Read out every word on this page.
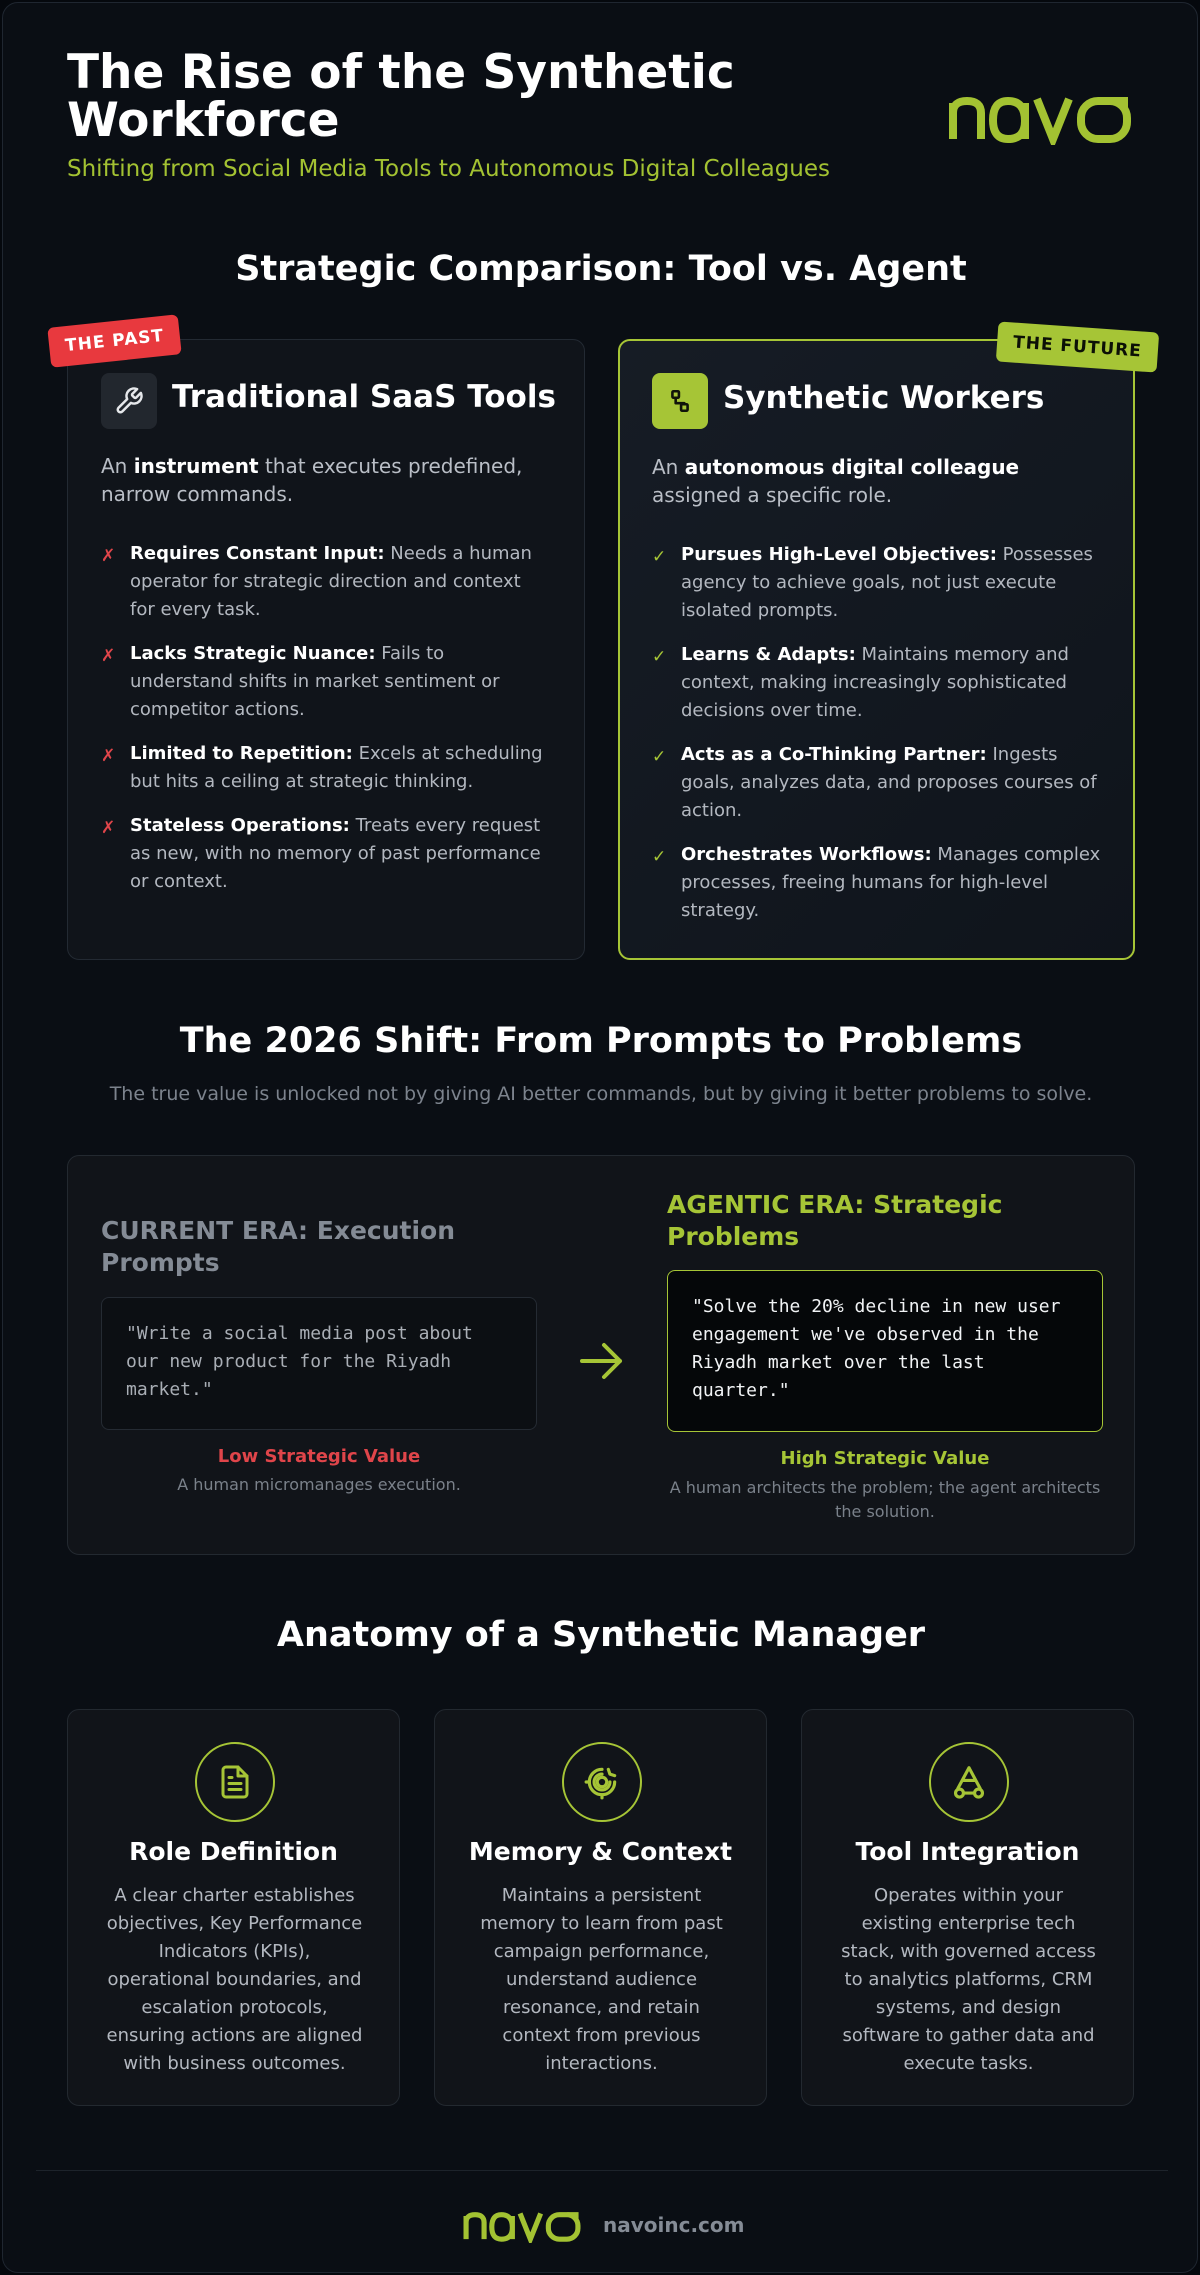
The Rise of the Synthetic Workforce
Shifting from Social Media Tools to Autonomous Digital Colleagues
Strategic Comparison: Tool vs. Agent
Traditional SaaS Tools
An instrument that executes predefined, narrow commands.
✗ Requires Constant Input: Needs a human operator for strategic direction and context for every task.
✗ Lacks Strategic Nuance: Fails to understand shifts in market sentiment or competitor actions.
✗ Limited to Repetition: Excels at scheduling but hits a ceiling at strategic thinking.
✗ Stateless Operations: Treats every request as new, with no memory of past performance or context.
THE PAST
Synthetic Workers
An autonomous digital colleague assigned a specific role.
✓ Pursues High-Level Objectives: Possesses agency to achieve goals, not just execute isolated prompts.
✓ Learns & Adapts: Maintains memory and context, making increasingly sophisticated decisions over time.
✓ Acts as a Co-Thinking Partner: Ingests goals, analyzes data, and proposes courses of action.
✓ Orchestrates Workflows: Manages complex processes, freeing humans for high-level strategy.
THE FUTURE
The 2026 Shift: From Prompts to Problems
The true value is unlocked not by giving AI better commands, but by giving it better problems to solve.
CURRENT ERA: Execution Prompts
"Write a social media post about our new product for the Riyadh market."
Low Strategic Value
A human micromanages execution.
AGENTIC ERA: Strategic Problems
"Solve the 20% decline in new user engagement we've observed in the Riyadh market over the last quarter."
High Strategic Value
A human architects the problem; the agent architects the solution.
Anatomy of a Synthetic Manager
Role Definition
A clear charter establishes objectives, Key Performance Indicators (KPIs), operational boundaries, and escalation protocols, ensuring actions are aligned with business outcomes.
Memory & Context
Maintains a persistent memory to learn from past campaign performance, understand audience resonance, and retain context from previous interactions.
Tool Integration
Operates within your existing enterprise tech stack, with governed access to analytics platforms, CRM systems, and design software to gather data and execute tasks.
navoinc.com
